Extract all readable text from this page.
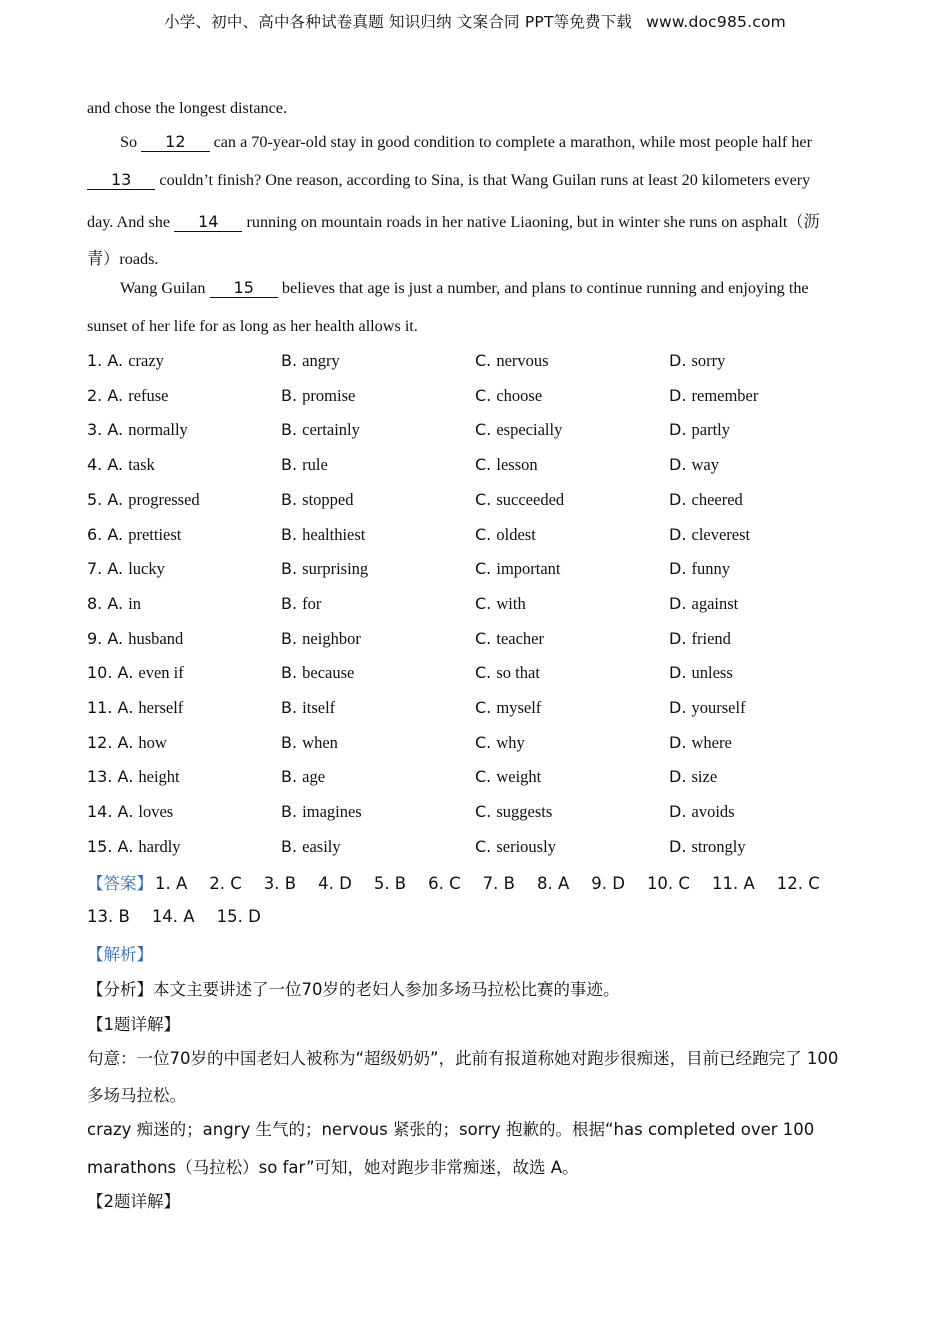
小学、初中、高中各种试卷真题 知识归纳 文案合同 PPT等免费下载 www.doc985.com
and chose the longest distance.
So 12 can a 70-year-old stay in good condition to complete a marathon, while most people half her
13 couldn’t finish? One reason, according to Sina, is that Wang Guilan runs at least 20 kilometers every
day. And she 14 running on mountain roads in her native Liaoning, but in winter she runs on asphalt（沥
青）roads.
Wang Guilan 15 believes that age is just a number, and plans to continue running and enjoying the
sunset of her life for as long as her health allows it.
1. A. crazy	B. angry	C. nervous	D. sorry
2. A. refuse	B. promise	C. choose	D. remember
3. A. normally	B. certainly	C. especially	D. partly
4. A. task	B. rule	C. lesson	D. way
5. A. progressed	B. stopped	C. succeeded	D. cheered
6. A. prettiest	B. healthiest	C. oldest	D. cleverest
7. A. lucky	B. surprising	C. important	D. funny
8. A. in	B. for	C. with	D. against
9. A. husband	B. neighbor	C. teacher	D. friend
10. A. even if	B. because	C. so that	D. unless
11. A. herself	B. itself	C. myself	D. yourself
12. A. how	B. when	C. why	D. where
13. A. height	B. age	C. weight	D. size
14. A. loves	B. imagines	C. suggests	D. avoids
15. A. hardly	B. easily	C. seriously	D. strongly
【答案】 1. A 2. C 3. B 4. D 5. B 6. C 7. B 8. A 9. D 10. C 11. A 12. C
13. B 14. A 15. D
【解析】
【分析】本文主要讲述了一位70岁的老妇人参加多场马拉松比赛的事迹。
【1题详解】
句意：一位70岁的中国老妇人被称为“超级奶奶”，此前有报道称她对跑步很痴迷，目前已经跑完了 100
多场马拉松。
crazy 痴迷的；angry 生气的；nervous 紧张的；sorry 抱歉的。根据“has completed over 100
marathons（马拉松）so far”可知，她对跑步非常痴迷，故选 A。
【2题详解】
